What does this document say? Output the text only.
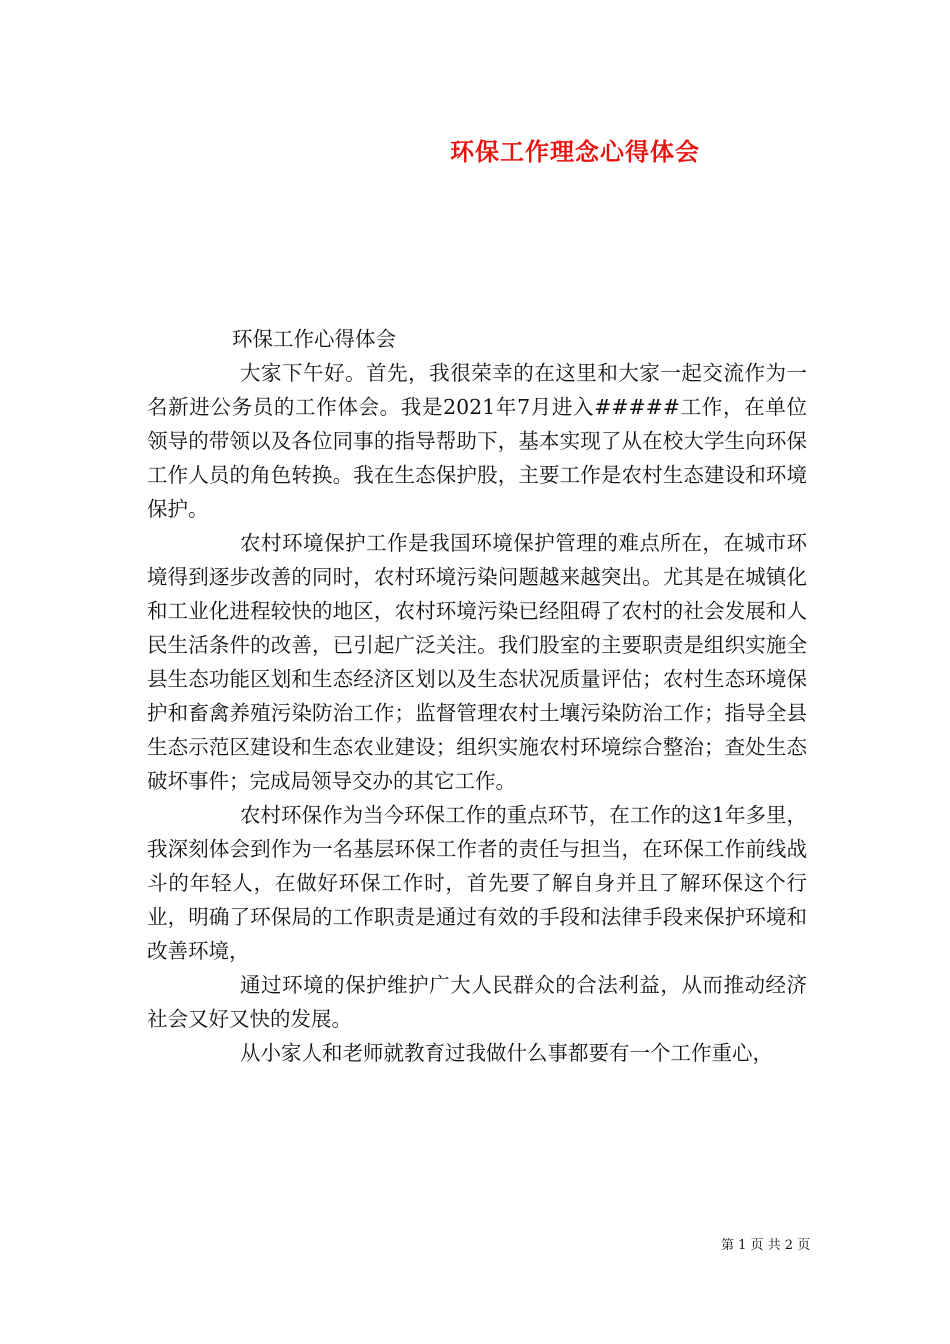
环保工作理念心得体会

环保工作心得体会

大家下午好。首先，我很荣幸的在这里和大家一起交流作为一名新进公务员的工作体会。我是2021年7月进入#####工作，在单位领导的带领以及各位同事的指导帮助下，基本实现了从在校大学生向环保工作人员的角色转换。我在生态保护股，主要工作是农村生态建设和环境保护。

农村环境保护工作是我国环境保护管理的难点所在，在城市环境得到逐步改善的同时，农村环境污染问题越来越突出。尤其是在城镇化和工业化进程较快的地区，农村环境污染已经阻碍了农村的社会发展和人民生活条件的改善，已引起广泛关注。我们股室的主要职责是组织实施全县生态功能区划和生态经济区划以及生态状况质量评估；农村生态环境保护和畜禽养殖污染防治工作；监督管理农村土壤污染防治工作；指导全县生态示范区建设和生态农业建设；组织实施农村环境综合整治；查处生态破坏事件；完成局领导交办的其它工作。

农村环保作为当今环保工作的重点环节，在工作的这1年多里，我深刻体会到作为一名基层环保工作者的责任与担当，在环保工作前线战斗的年轻人，在做好环保工作时，首先要了解自身并且了解环保这个行业，明确了环保局的工作职责是通过有效的手段和法律手段来保护环境和改善环境，

通过环境的保护维护广大人民群众的合法利益，从而推动经济社会又好又快的发展。

从小家人和老师就教育过我做什么事都要有一个工作重心，

第 1 页 共 2 页
